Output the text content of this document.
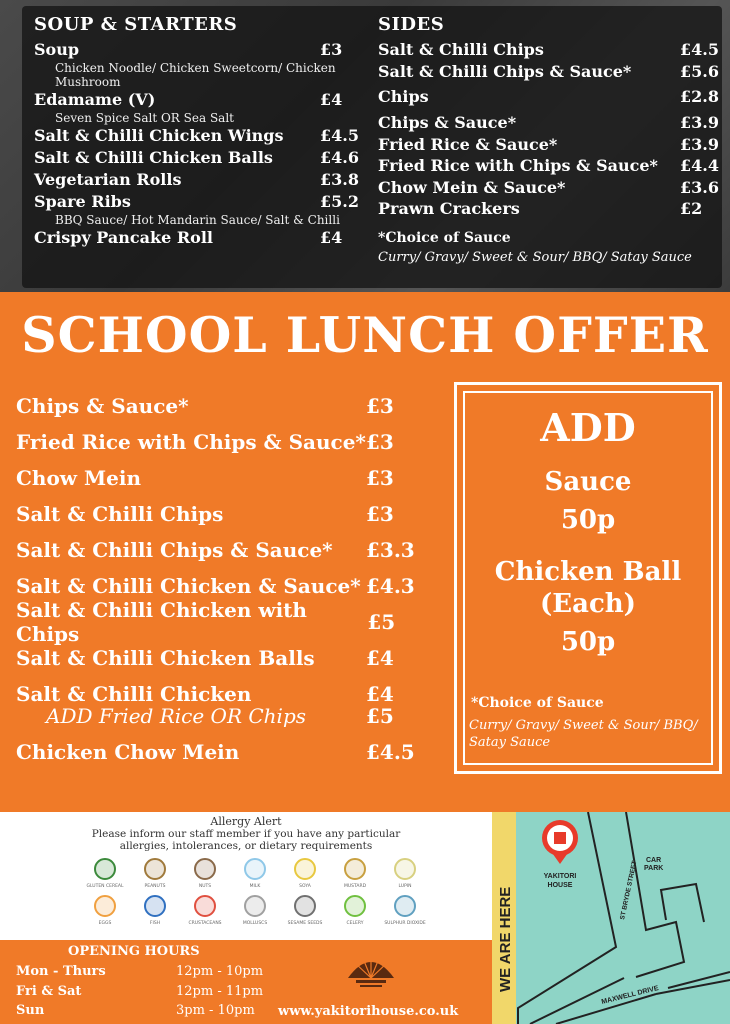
SOUP & STARTERS
Soup	£3
Chicken Noodle/ Chicken Sweetcorn/ Chicken Mushroom
Edamame (V)	£4
Seven Spice Salt OR Sea Salt
Salt & Chilli Chicken Wings £4.5
Salt & Chilli Chicken Balls	£4.6
Vegetarian Rolls	£3.8
Spare Ribs	£5.2
BBQ Sauce/ Hot Mandarin Sauce/ Salt & Chilli
Crispy Pancake Roll	£4
SIDES
Salt & Chilli Chips	£4.5
Salt & Chilli Chips & Sauce*	£5.6
Chips	£2.8
Chips & Sauce*	£3.9
Fried Rice & Sauce*	£3.9
Fried Rice with Chips & Sauce* £4.4
Chow Mein & Sauce*	£3.6
Prawn Crackers	£2
*Choice of Sauce
Curry/ Gravy/ Sweet & Sour/ BBQ/ Satay Sauce
SCHOOL LUNCH OFFER
Chips & Sauce*	£3
Fried Rice with Chips & Sauce* £3
Chow Mein	£3
Salt & Chilli Chips	£3
Salt & Chilli Chips & Sauce* £3.3
Salt & Chilli Chicken & Sauce* £4.3
Salt & Chilli Chicken with Chips	£5
Salt & Chilli Chicken Balls	£4
Salt & Chilli Chicken	£4
ADD Fried Rice OR Chips	£5
Chicken Chow Mein	£4.5
ADD
Sauce
50p
Chicken Ball
(Each)
50p
*Choice of Sauce
Curry/ Gravy/ Sweet & Sour/ BBQ/ Satay Sauce
Allergy Alert
Please inform our staff member if you have any particular allergies, intolerances, or dietary requirements
GLUTEN CEREAL	PEANUTS	NUTS	MILK	SOYA	MUSTARD	LUPIN
EGGS	FISH	CRUSTACEANS	MOLLUSCS	SESAME SEEDS	CELERY	SULPHUR DIOXIDE
OPENING HOURS
Mon - Thurs	12pm - 10pm
Fri & Sat	12pm - 11pm
Sun	3pm - 10pm	www.yakitorihouse.co.uk
WE ARE HERE
YAKITORI
HOUSE
CAR
PARK
ST BRYDE STREET
MAXWELL DRIVE
